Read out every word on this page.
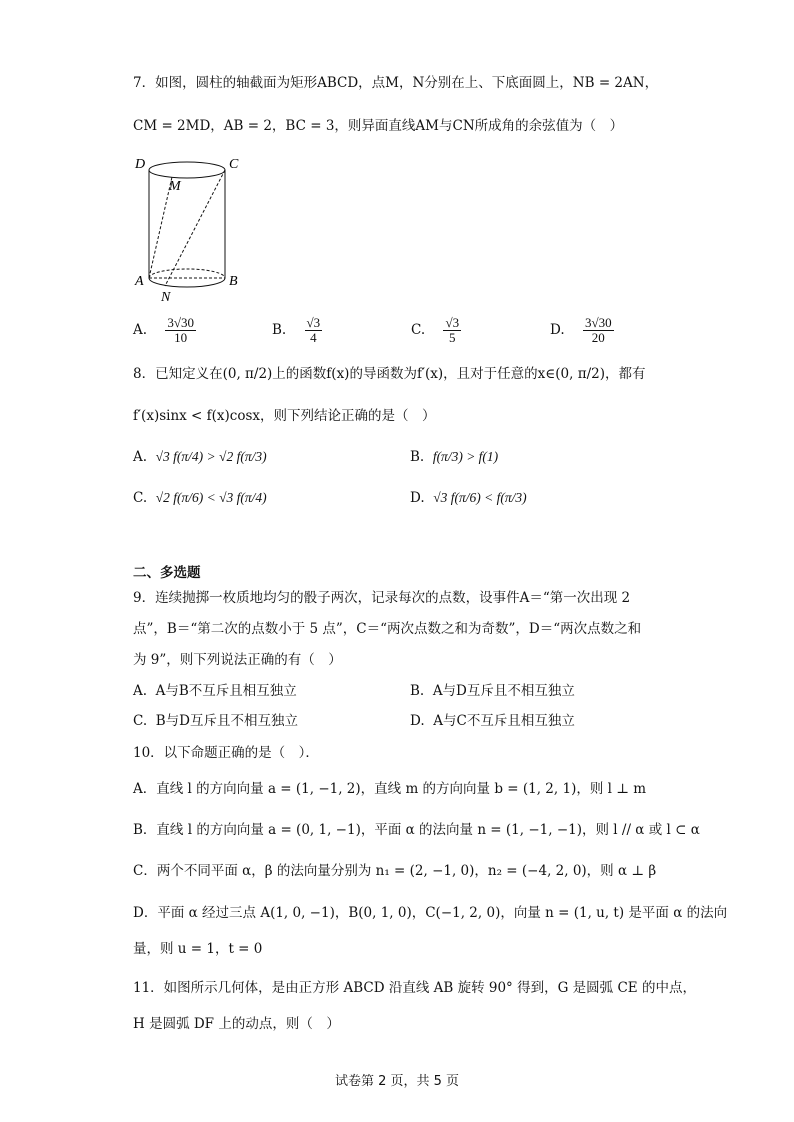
7．如图，圆柱的轴截面为矩形ABCD，点M，N分别在上、下底面圆上，NB = 2AN，
CM = 2MD，AB = 2，BC = 3，则异面直线AM与CN所成角的余弦值为（　）
D	C
M
A	B
N
A. $\frac{3√30}{10}$	B. $\frac{√3}{4}$	C. $\frac{√3}{5}$	D. $\frac{3√30}{20}$
8．已知定义在(0, π/2)上的函数f(x)的导函数为f′(x)，且对于任意的x∈(0, π/2)，都有
f′(x)sinx < f(x)cosx，则下列结论正确的是（　）
A. √3 f(π/4) > √2 f(π/3)	B. f(π/3) > f(1)
C. √2 f(π/6) < √3 f(π/4)	D. √3 f(π/6) < f(π/3)
二、多选题
9．连续抛掷一枚质地均匀的骰子两次，记录每次的点数，设事件A＝“第一次出现 2
点”，B＝“第二次的点数小于 5 点”，C＝“两次点数之和为奇数”，D＝“两次点数之和
为 9”，则下列说法正确的有（　）
A. A与B不互斥且相互独立	B. A与D互斥且不相互独立
C. B与D互斥且不相互独立	D. A与C不互斥且相互独立
10．以下命题正确的是（　）．
A．直线 l 的方向向量 a = (1, −1, 2)，直线 m 的方向向量 b = (1, 2, 1)，则 l ⊥ m
B．直线 l 的方向向量 a = (0, 1, −1)，平面 α 的法向量 n = (1, −1, −1)，则 l // α 或 l ⊂ α
C．两个不同平面 α，β 的法向量分别为 n₁ = (2, −1, 0)，n₂ = (−4, 2, 0)，则 α ⊥ β
D．平面 α 经过三点 A(1, 0, −1)，B(0, 1, 0)，C(−1, 2, 0)，向量 n = (1, u, t) 是平面 α 的法向
量，则 u = 1，t = 0
11．如图所示几何体，是由正方形 ABCD 沿直线 AB 旋转 90° 得到，G 是圆弧 CE 的中点，
H 是圆弧 DF 上的动点，则（　）
试卷第 2 页，共 5 页
